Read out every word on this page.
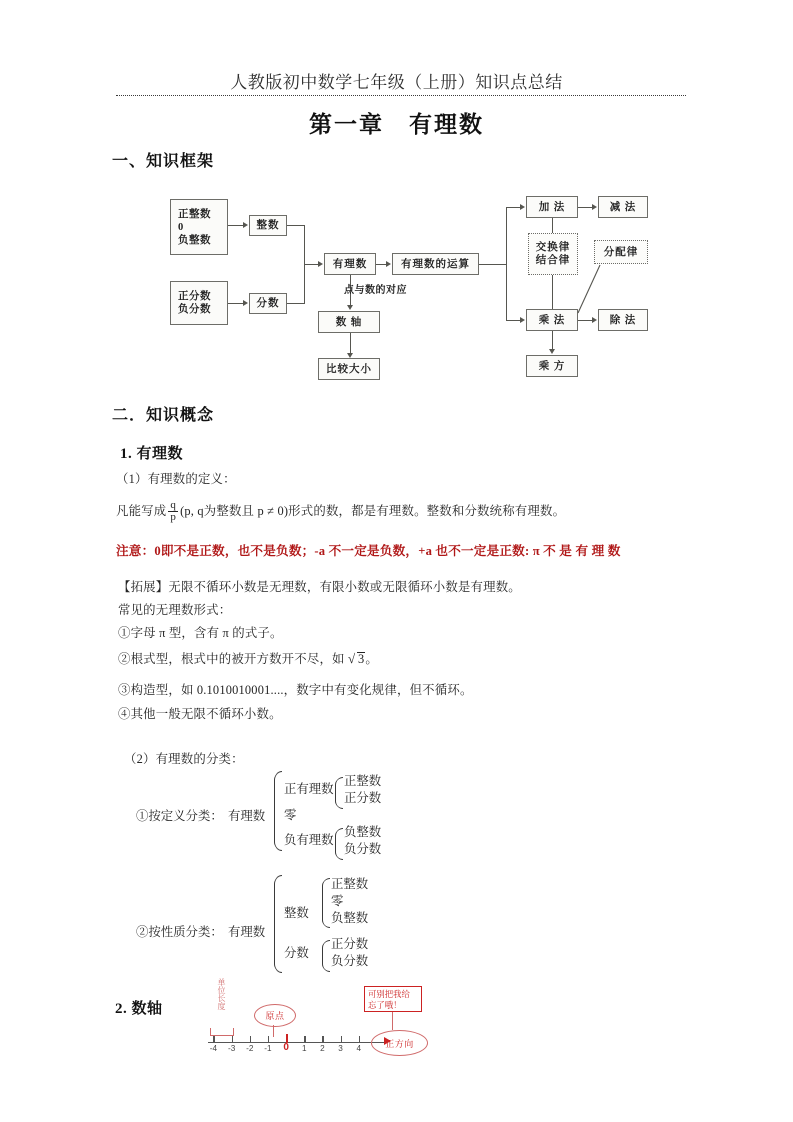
人教版初中数学七年级（上册）知识点总结
第一章　有理数
一、知识框架
正整数
0
负整数
正分数
负分数
整数
分数
有理数	有理数的运算
点与数的对应
数 轴
比较大小
加 法	减 法
乘 法	除 法
乘 方
交换律
结合律
分配律
二．知识概念
1. 有理数
（1）有理数的定义：
凡能写成 $\frac{q}{p} (p$, q为整数且 p ≠ 0)形式的数，都是有理数。整数和分数统称有理数。
注意：0即不是正数，也不是负数；-a 不一定是负数，+a 也不一定是正数: π 不 是 有 理 数
【拓展】无限不循环小数是无理数，有限小数或无限循环小数是有理数。
常见的无理数形式：
①字母 π 型，含有 π 的式子。
②根式型，根式中的被开方数开不尽，如 √ 3。
③构造型，如 0.1010010001....，数字中有变化规律，但不循环。
④其他一般无限不循环小数。
（2）有理数的分类：
①按定义分类： 有理数
正有理数
正整数
正分数
零
负有理数
负整数
负分数
②按性质分类： 有理数
整数
正整数
零
负整数
分数
正分数
负分数
2. 数轴
-4 -3 -2 -1 0 1 2 3 4
单位长度
原点
正方向
可别把我给
忘了哦！
